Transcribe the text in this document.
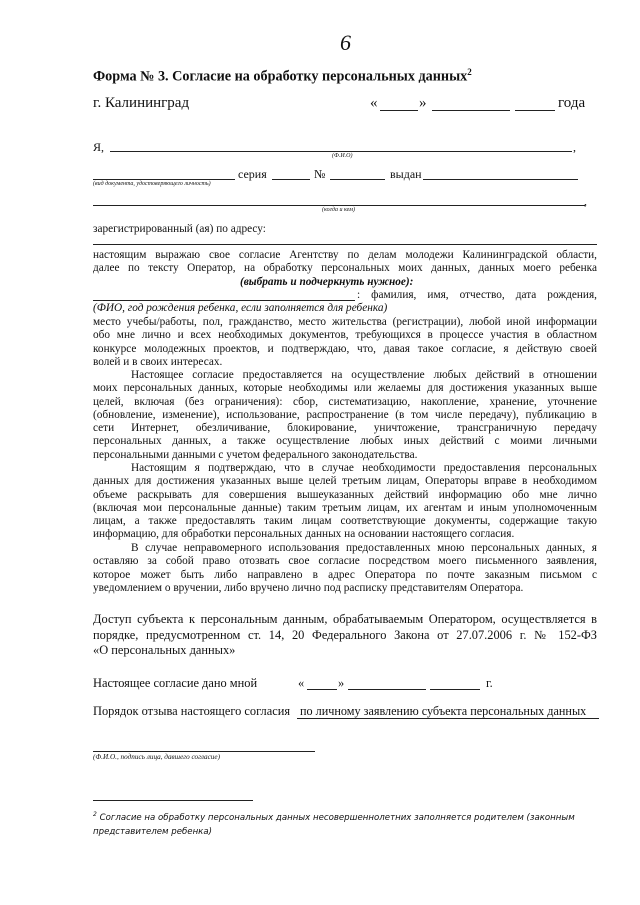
6
Форма № 3. Согласие на обработку персональных данных$^2$
г. Калининград	«	»	года
Я,	,
(Ф.И.О)
серия	№	выдан
(вид документа, удостоверяющего личность)
,
(когда и кем)
зарегистрированный (ая) по адресу:
настоящим выражаю свое согласие Агентству по делам молодежи Калининградской области,
далее по тексту Оператор, на обработку персональных моих данных, данных моего ребенка
(выбрать и подчеркнуть нужное):
: фамилия, имя, отчество, дата рождения,
(ФИО, год рождения ребенка, если заполняется для ребенка)
место учебы/работы, пол, гражданство, место жительства (регистрации), любой иной информации
обо мне лично и всех необходимых документов, требующихся в процессе участия в областном
конкурсе молодежных проектов, и подтверждаю, что, давая такое согласие, я действую своей
волей и в своих интересах.
Настоящее согласие предоставляется на осуществление любых действий в отношении
моих персональных данных, которые необходимы или желаемы для достижения указанных выше
целей, включая (без ограничения): сбор, систематизацию, накопление, хранение, уточнение
(обновление, изменение), использование, распространение (в том числе передачу), публикацию в
сети Интернет, обезличивание, блокирование, уничтожение, трансграничную передачу
персональных данных, а также осуществление любых иных действий с моими личными
персональными данными с учетом федерального законодательства.
Настоящим я подтверждаю, что в случае необходимости предоставления персональных
данных для достижения указанных выше целей третьим лицам, Операторы вправе в необходимом
объеме раскрывать для совершения вышеуказанных действий информацию обо мне лично
(включая мои персональные данные) таким третьим лицам, их агентам и иным уполномоченным
лицам, а также предоставлять таким лицам соответствующие документы, содержащие такую
информацию, для обработки персональных данных на основании настоящего согласия.
В случае неправомерного использования предоставленных мною персональных данных, я
оставляю за собой право отозвать свое согласие посредством моего письменного заявления,
которое может быть либо направлено в адрес Оператора по почте заказным письмом с
уведомлением о вручении, либо вручено лично под расписку представителям Оператора.
Доступ субъекта к персональным данным, обрабатываемым Оператором, осуществляется в
порядке, предусмотренном ст. 14, 20 Федерального Закона от 27.07.2006 г. № 152-ФЗ
«О персональных данных»
Настоящее согласие дано мной	«	»	г.
Порядок отзыва настоящего согласия по личному заявлению субъекта персональных данных
(Ф.И.О., подпись лица, давшего согласие)
$^2$ Согласие на обработку персональных данных несовершеннолетних заполняется родителем (законным
представителем ребенка)
